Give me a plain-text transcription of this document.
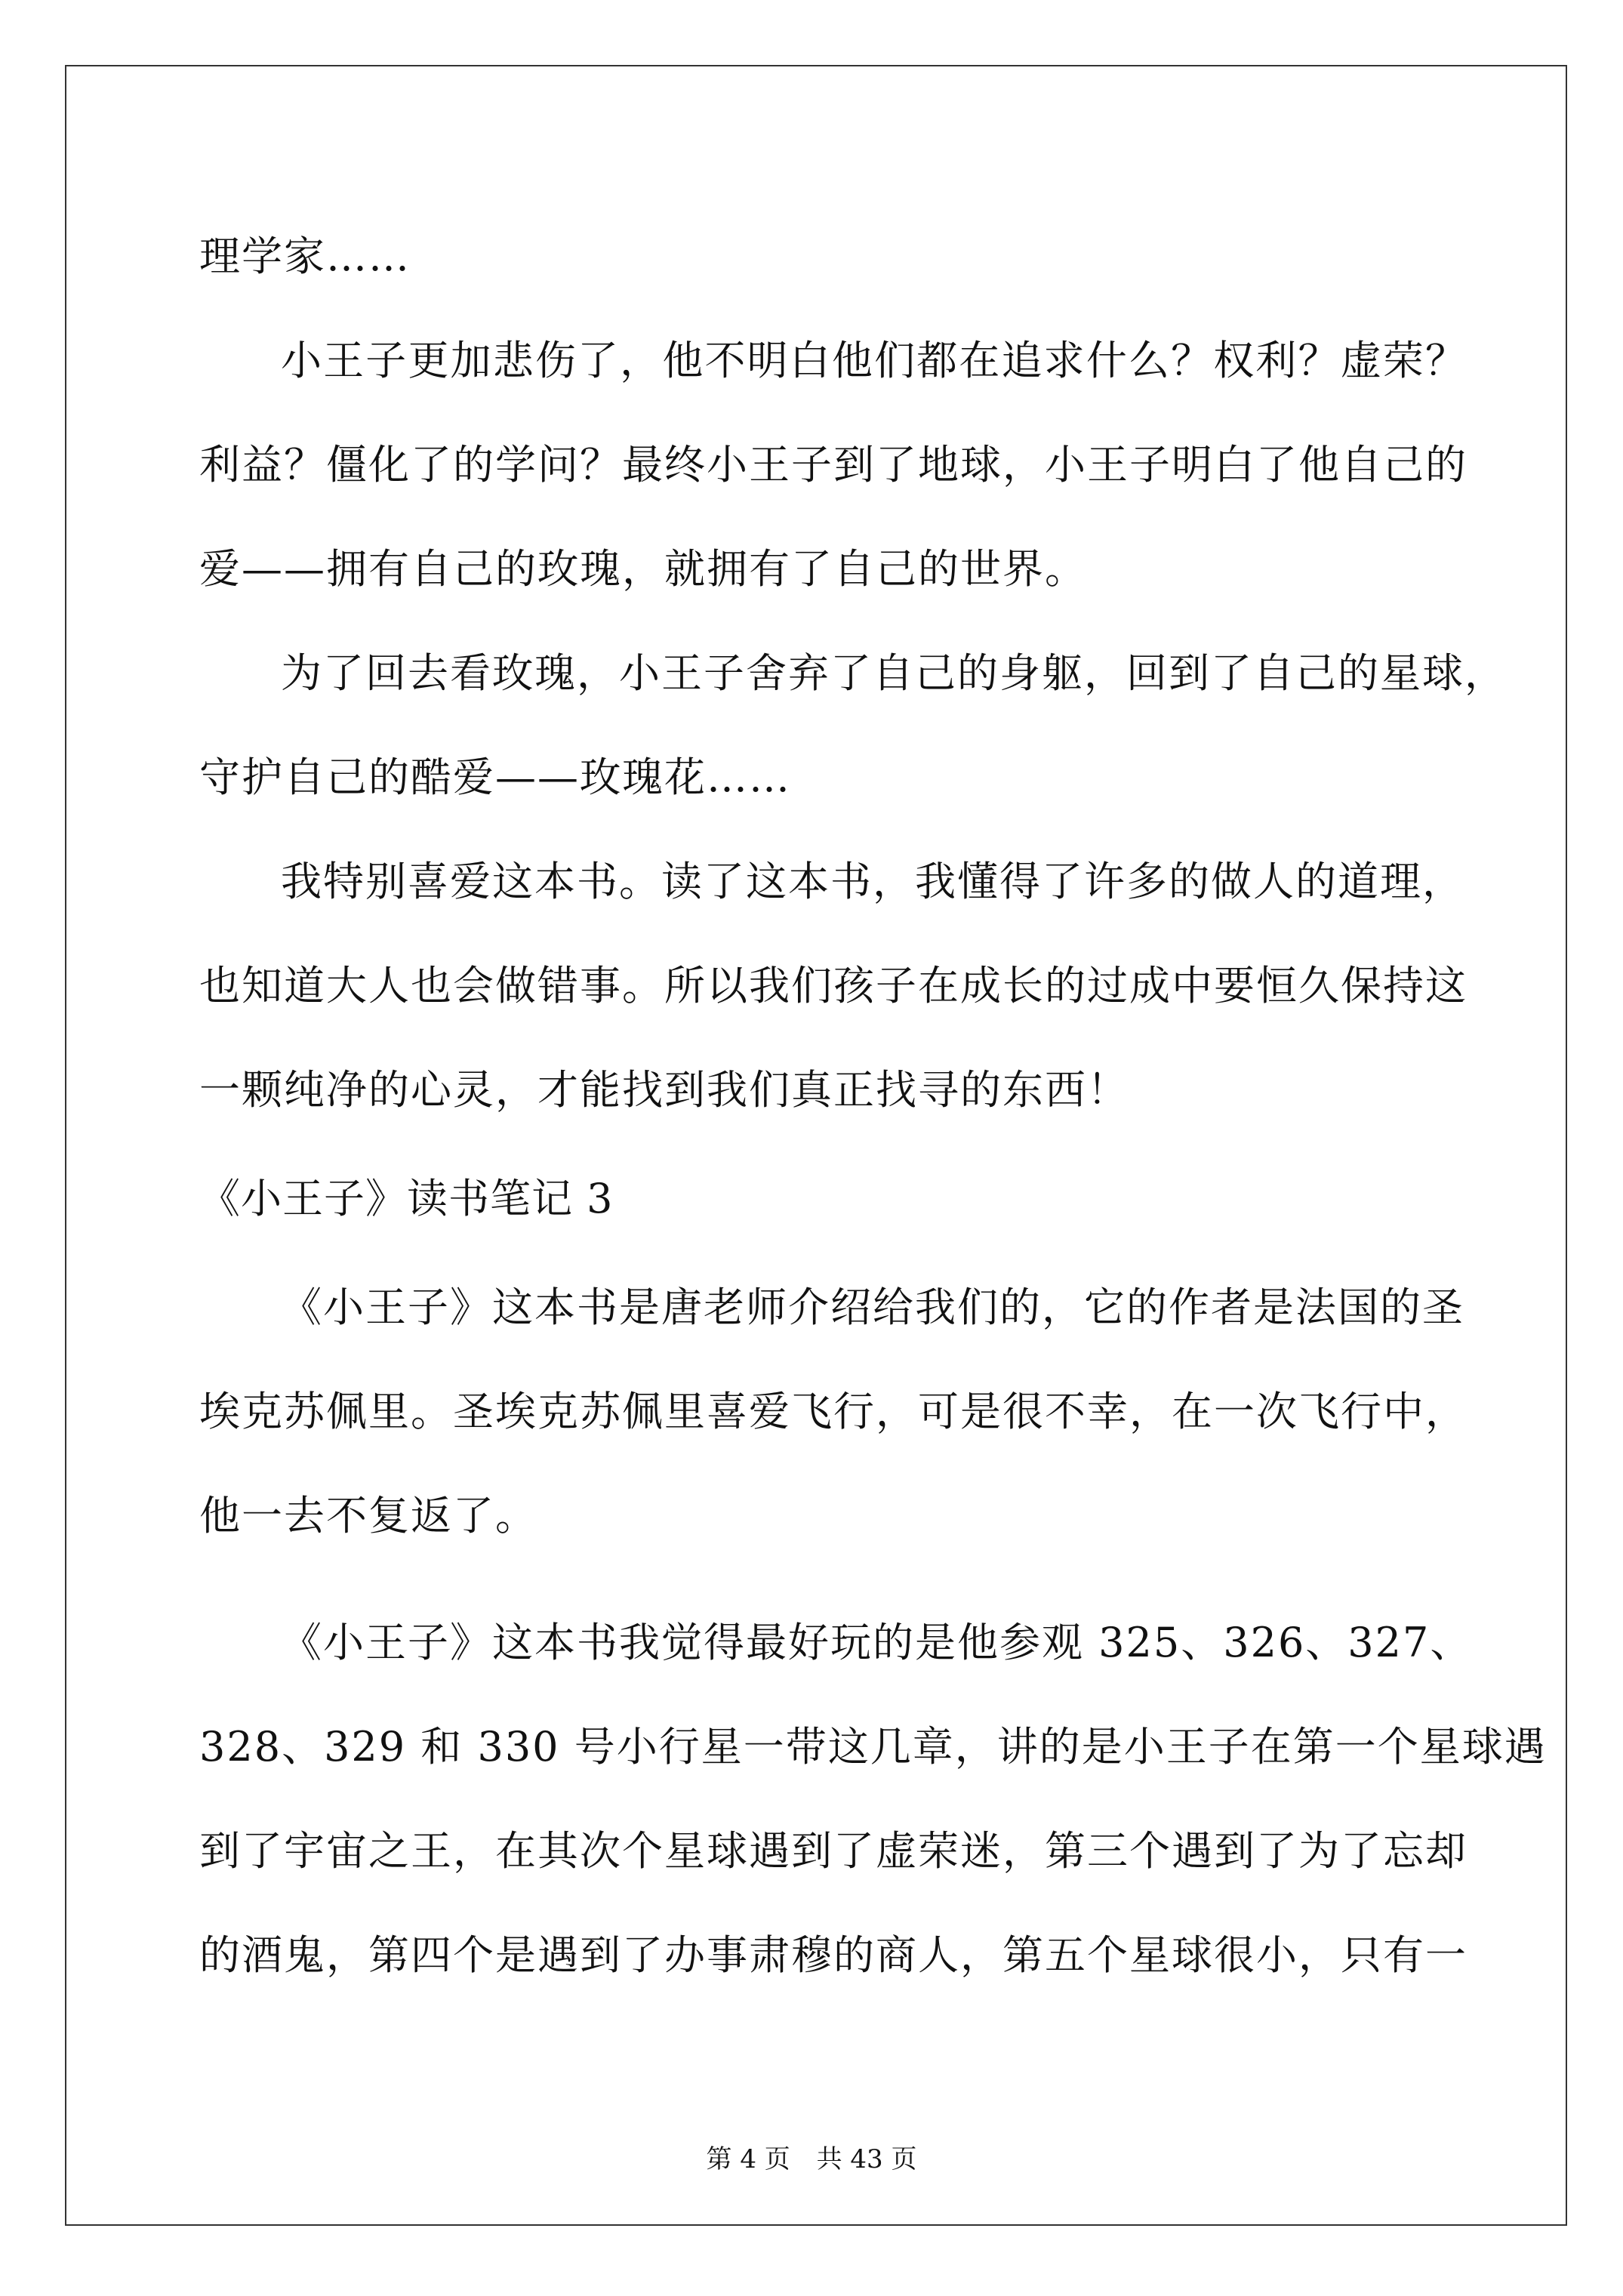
理学家……
小王子更加悲伤了，他不明白他们都在追求什么？权利？虚荣？
利益？僵化了的学问？最终小王子到了地球，小王子明白了他自己的
爱——拥有自己的玫瑰，就拥有了自己的世界。
为了回去看玫瑰，小王子舍弃了自己的身躯，回到了自己的星球，
守护自己的酷爱——玫瑰花……
我特别喜爱这本书。读了这本书，我懂得了许多的做人的道理，
也知道大人也会做错事。所以我们孩子在成长的过成中要恒久保持这
一颗纯净的心灵，才能找到我们真正找寻的东西！
《小王子》读书笔记 3
《小王子》这本书是唐老师介绍给我们的，它的作者是法国的圣
埃克苏佩里。圣埃克苏佩里喜爱飞行，可是很不幸，在一次飞行中，
他一去不复返了。
《小王子》这本书我觉得最好玩的是他参观 325、326、327、
328、329 和 330 号小行星一带这几章，讲的是小王子在第一个星球遇
到了宇宙之王，在其次个星球遇到了虚荣迷，第三个遇到了为了忘却
的酒鬼，第四个是遇到了办事肃穆的商人，第五个星球很小，只有一
第 4 页 共 43 页
